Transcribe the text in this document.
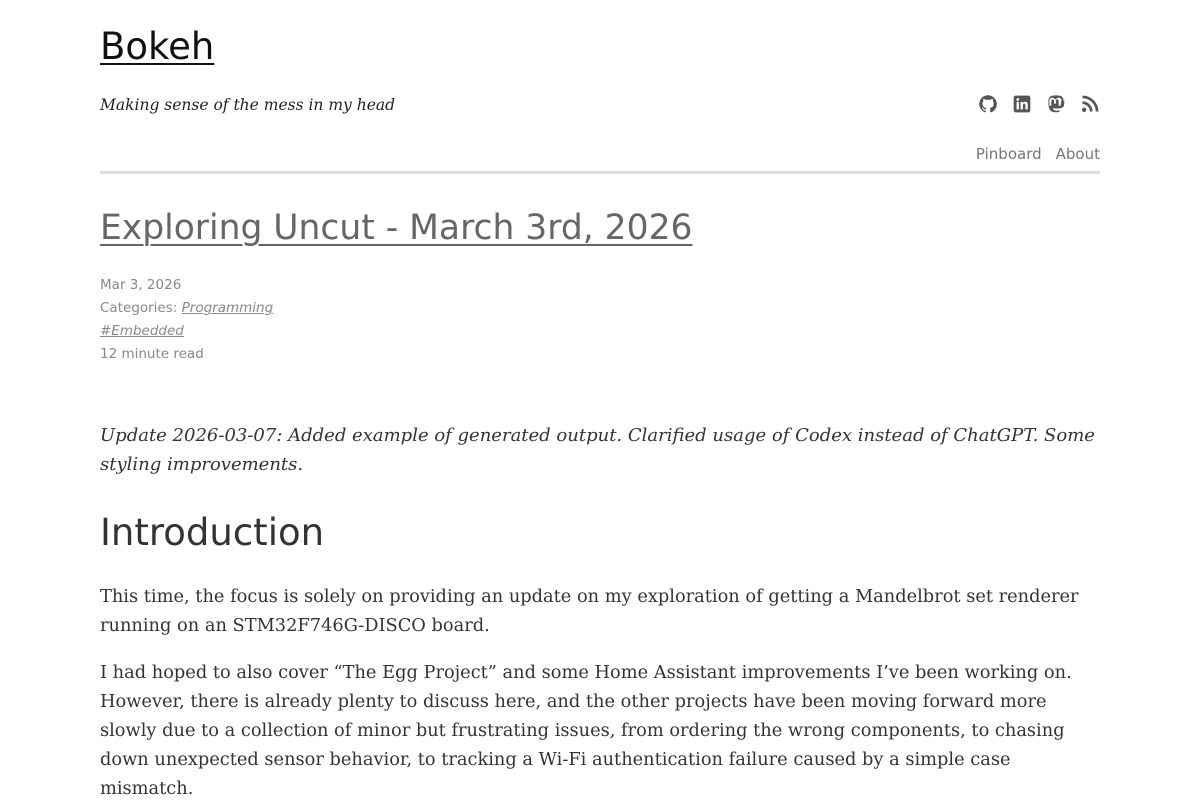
Bokeh
Making sense of the mess in my head
Pinboard About
Exploring Uncut - March 3rd, 2026
Mar 3, 2026
Categories: Programming
#Embedded
12 minute read

Update 2026-03-07: Added example of generated output. Clarified usage of Codex instead of ChatGPT. Some styling improvements.

Introduction

This time, the focus is solely on providing an update on my exploration of getting a Mandelbrot set renderer running on an STM32F746G-DISCO board.

I had hoped to also cover “The Egg Project” and some Home Assistant improvements I’ve been working on. However, there is already plenty to discuss here, and the other projects have been moving forward more slowly due to a collection of minor but frustrating issues, from ordering the wrong components, to chasing down unexpected sensor behavior, to tracking a Wi-Fi authentication failure caused by a simple case mismatch.
